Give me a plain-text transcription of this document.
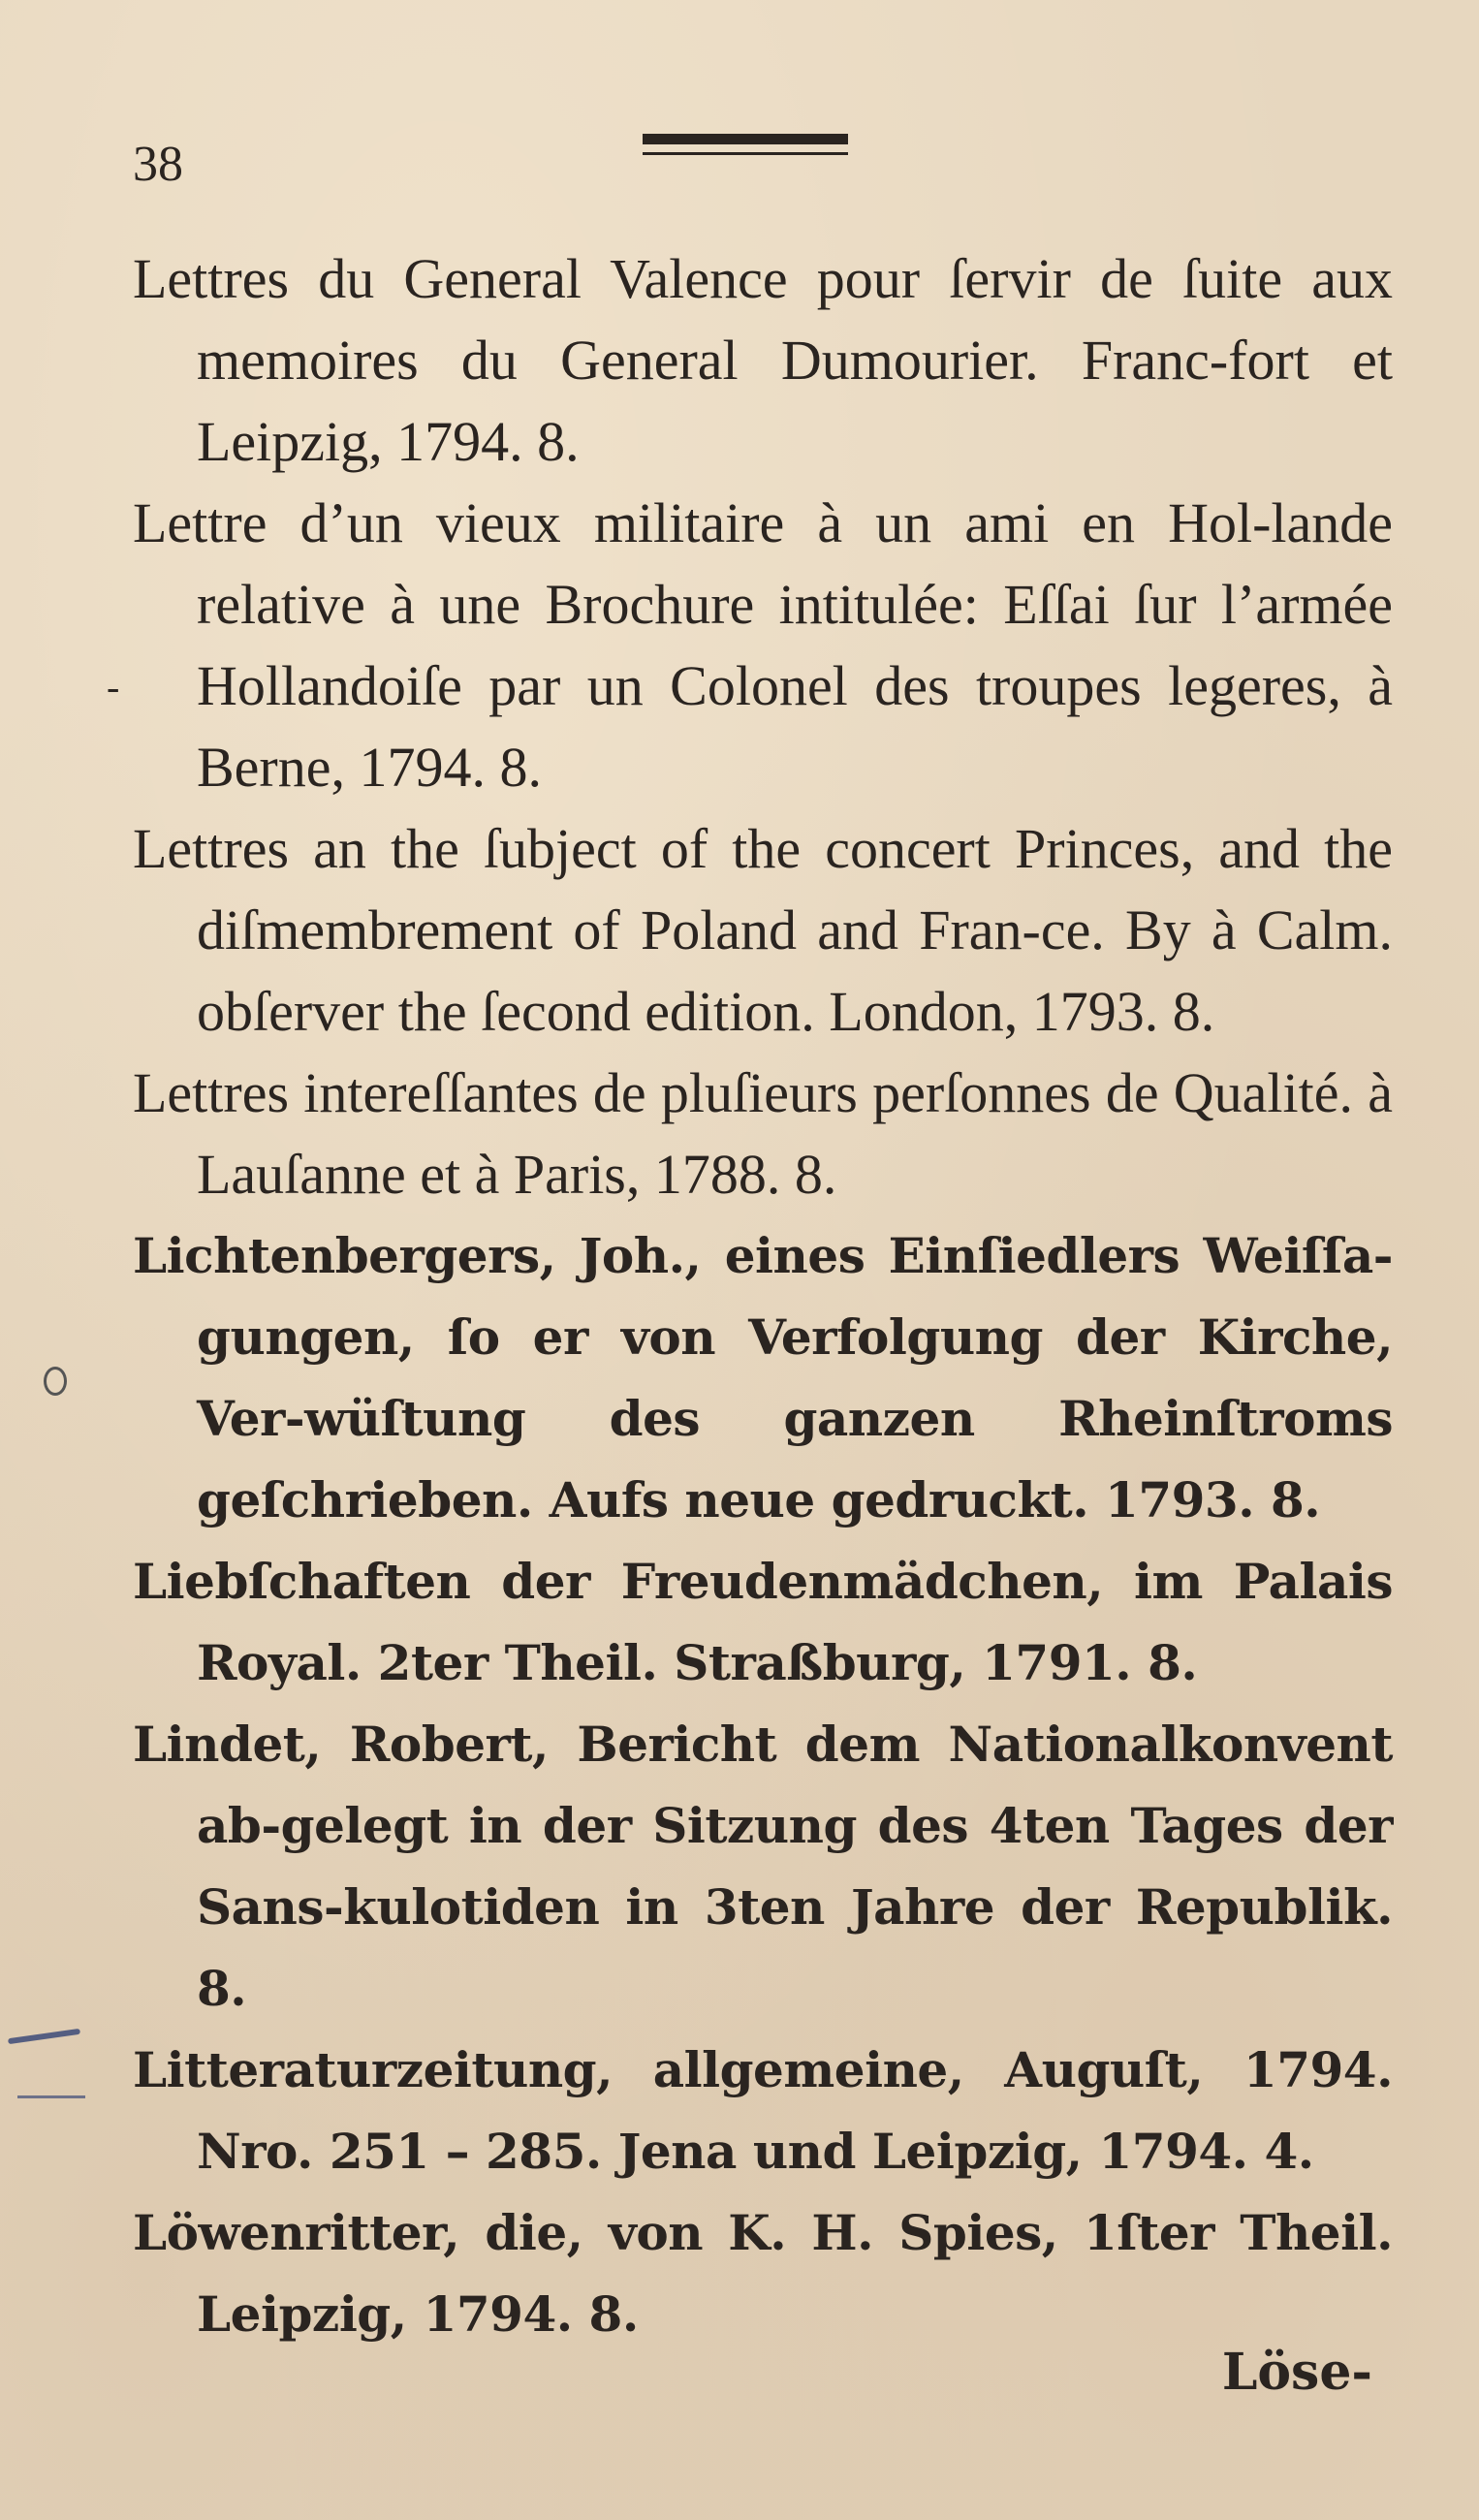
38

Lettres du General Valence pour ſervir de ſuite aux memoires du General Dumourier. Franc-fort et Leipzig, 1794. 8.

Lettre d’un vieux militaire à un ami en Hol-lande relative à une Brochure intitulée: Eſſai ſur l’armée Hollandoiſe par un Colonel des troupes legeres, à Berne, 1794. 8.

Lettres an the ſubject of the concert Princes, and the diſmembrement of Poland and Fran-ce. By à Calm. obſerver the ſecond edition. London, 1793. 8.

Lettres intereſſantes de pluſieurs perſonnes de Qualité. à Lauſanne et à Paris, 1788. 8.

Lichtenbergers, Joh., eines Einſiedlers Weiſſa-gungen, ſo er von Verfolgung der Kirche, Ver-wüſtung des ganzen Rheinſtroms geſchrieben. Aufs neue gedruckt. 1793. 8.

Liebſchaften der Freudenmädchen, im Palais Royal. 2ter Theil. Straßburg, 1791. 8.

Lindet, Robert, Bericht dem Nationalkonvent ab-gelegt in der Sitzung des 4ten Tages der Sans-kulotiden in 3ten Jahre der Republik. 8.

Litteraturzeitung, allgemeine, Auguſt, 1794. Nro. 251 – 285. Jena und Leipzig, 1794. 4.

Löwenritter, die, von K. H. Spies, 1ſter Theil. Leipzig, 1794. 8.

Löse-
-
